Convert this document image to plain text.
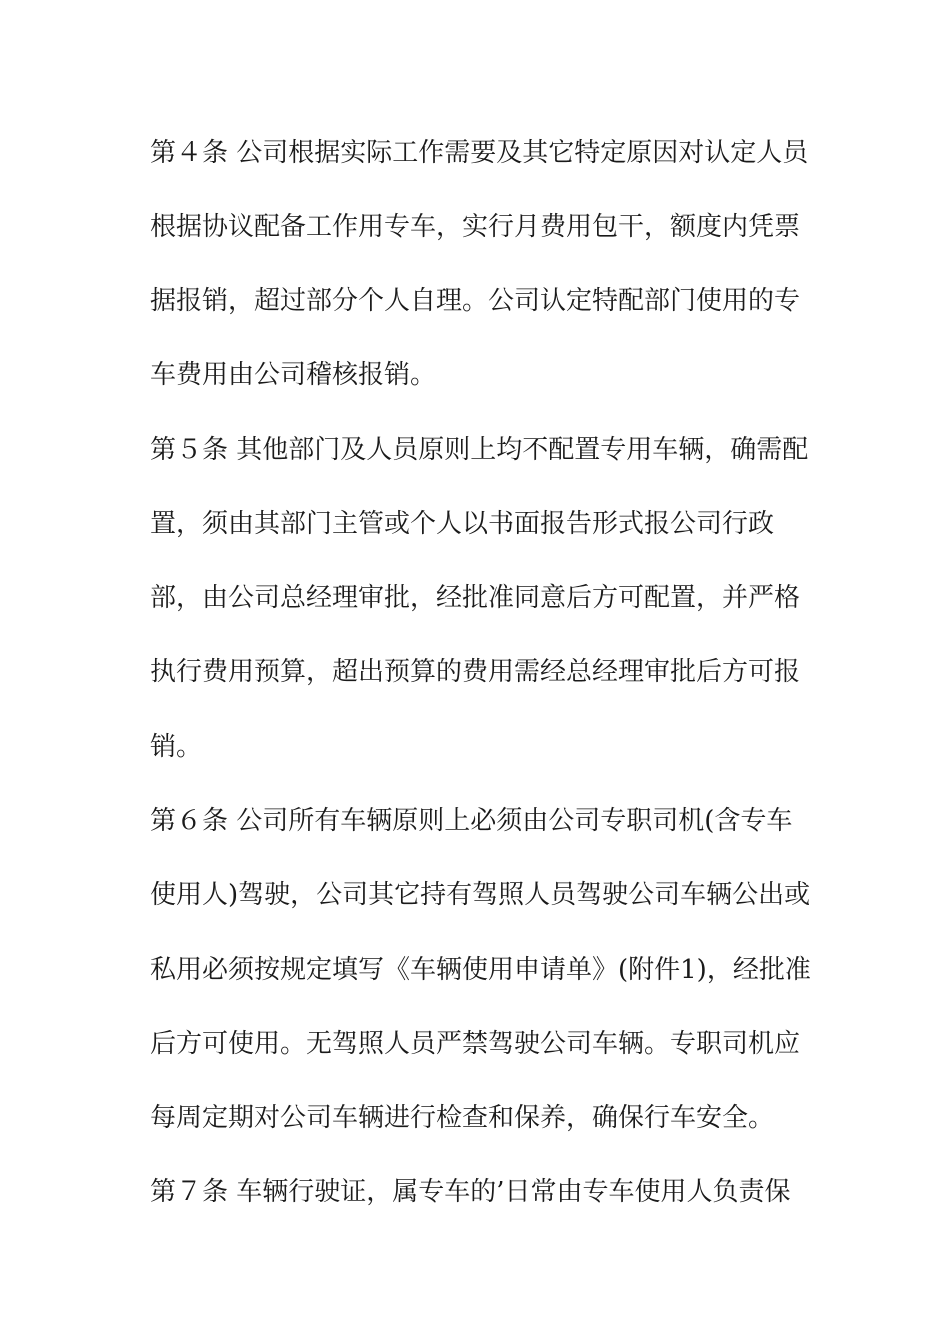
第４条 公司根据实际工作需要及其它特定原因对认定人员
根据协议配备工作用专车，实行月费用包干，额度内凭票
据报销，超过部分个人自理。公司认定特配部门使用的专
车费用由公司稽核报销。
第５条 其他部门及人员原则上均不配置专用车辆，确需配
置，须由其部门主管或个人以书面报告形式报公司行政
部，由公司总经理审批，经批准同意后方可配置，并严格
执行费用预算，超出预算的费用需经总经理审批后方可报
销。
第６条 公司所有车辆原则上必须由公司专职司机(含专车
使用人)驾驶，公司其它持有驾照人员驾驶公司车辆公出或
私用必须按规定填写《车辆使用申请单》(附件1)，经批准
后方可使用。无驾照人员严禁驾驶公司车辆。专职司机应
每周定期对公司车辆进行检查和保养，确保行车安全。
第７条 车辆行驶证，属专车的’日常由专车使用人负责保
